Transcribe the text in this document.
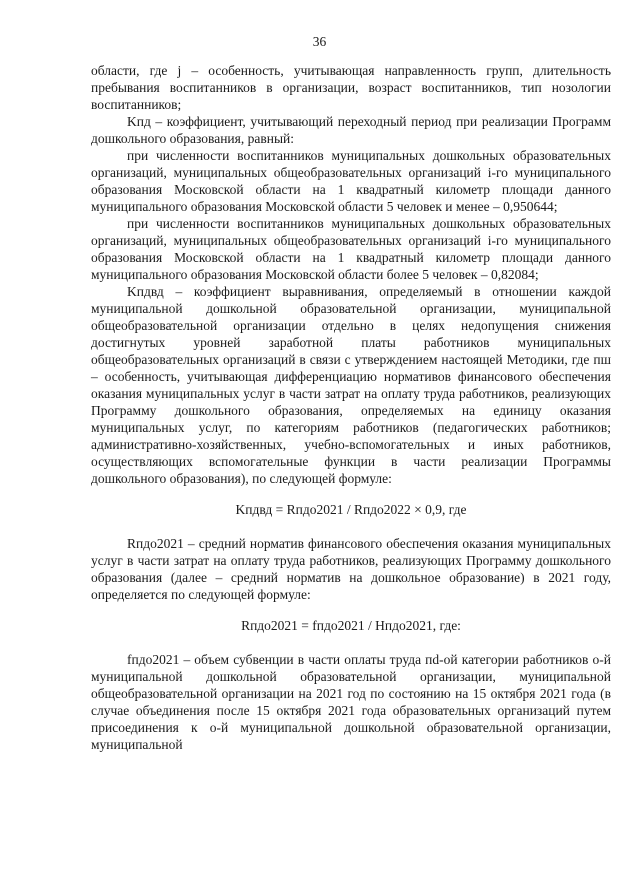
36

области, где j – особенность, учитывающая направленность групп, длительность пребывания воспитанников в организации, возраст воспитанников, тип нозологии воспитанников;

Kпд – коэффициент, учитывающий переходный период при реализации Программ дошкольного образования, равный:

при численности воспитанников муниципальных дошкольных образовательных организаций, муниципальных общеобразовательных организаций i-го муниципального образования Московской области на 1 квадратный километр площади данного муниципального образования Московской области 5 человек и менее – 0,950644;

при численности воспитанников муниципальных дошкольных образовательных организаций, муниципальных общеобразовательных организаций i-го муниципального образования Московской области на 1 квадратный километр площади данного муниципального образования Московской области более 5 человек – 0,82084;

Kпдвд – коэффициент выравнивания, определяемый в отношении каждой муниципальной дошкольной образовательной организации, муниципальной общеобразовательной организации отдельно в целях недопущения снижения достигнутых уровней заработной платы работников муниципальных общеобразовательных организаций в связи с утверждением настоящей Методики, где пш – особенность, учитывающая дифференциацию нормативов финансового обеспечения оказания муниципальных услуг в части затрат на оплату труда работников, реализующих Программу дошкольного образования, определяемых на единицу оказания муниципальных услуг, по категориям работников (педагогических работников; административно-хозяйственных, учебно-вспомогательных и иных работников, осуществляющих вспомогательные функции в части реализации Программы дошкольного образования), по следующей формуле:

Kпдвд = Rпдо2021 / Rпдо2022 × 0,9, где

Rпдо2021 – средний норматив финансового обеспечения оказания муниципальных услуг в части затрат на оплату труда работников, реализующих Программу дошкольного образования (далее – средний норматив на дошкольное образование) в 2021 году, определяется по следующей формуле:

Rпдо2021 = fпдо2021 / Hпдо2021, где:

fпдо2021 – объем субвенции в части оплаты труда пd-ой категории работников о-й муниципальной дошкольной образовательной организации, муниципальной общеобразовательной организации на 2021 год по состоянию на 15 октября 2021 года (в случае объединения после 15 октября 2021 года образовательных организаций путем присоединения к о-й муниципальной дошкольной образовательной организации, муниципальной
